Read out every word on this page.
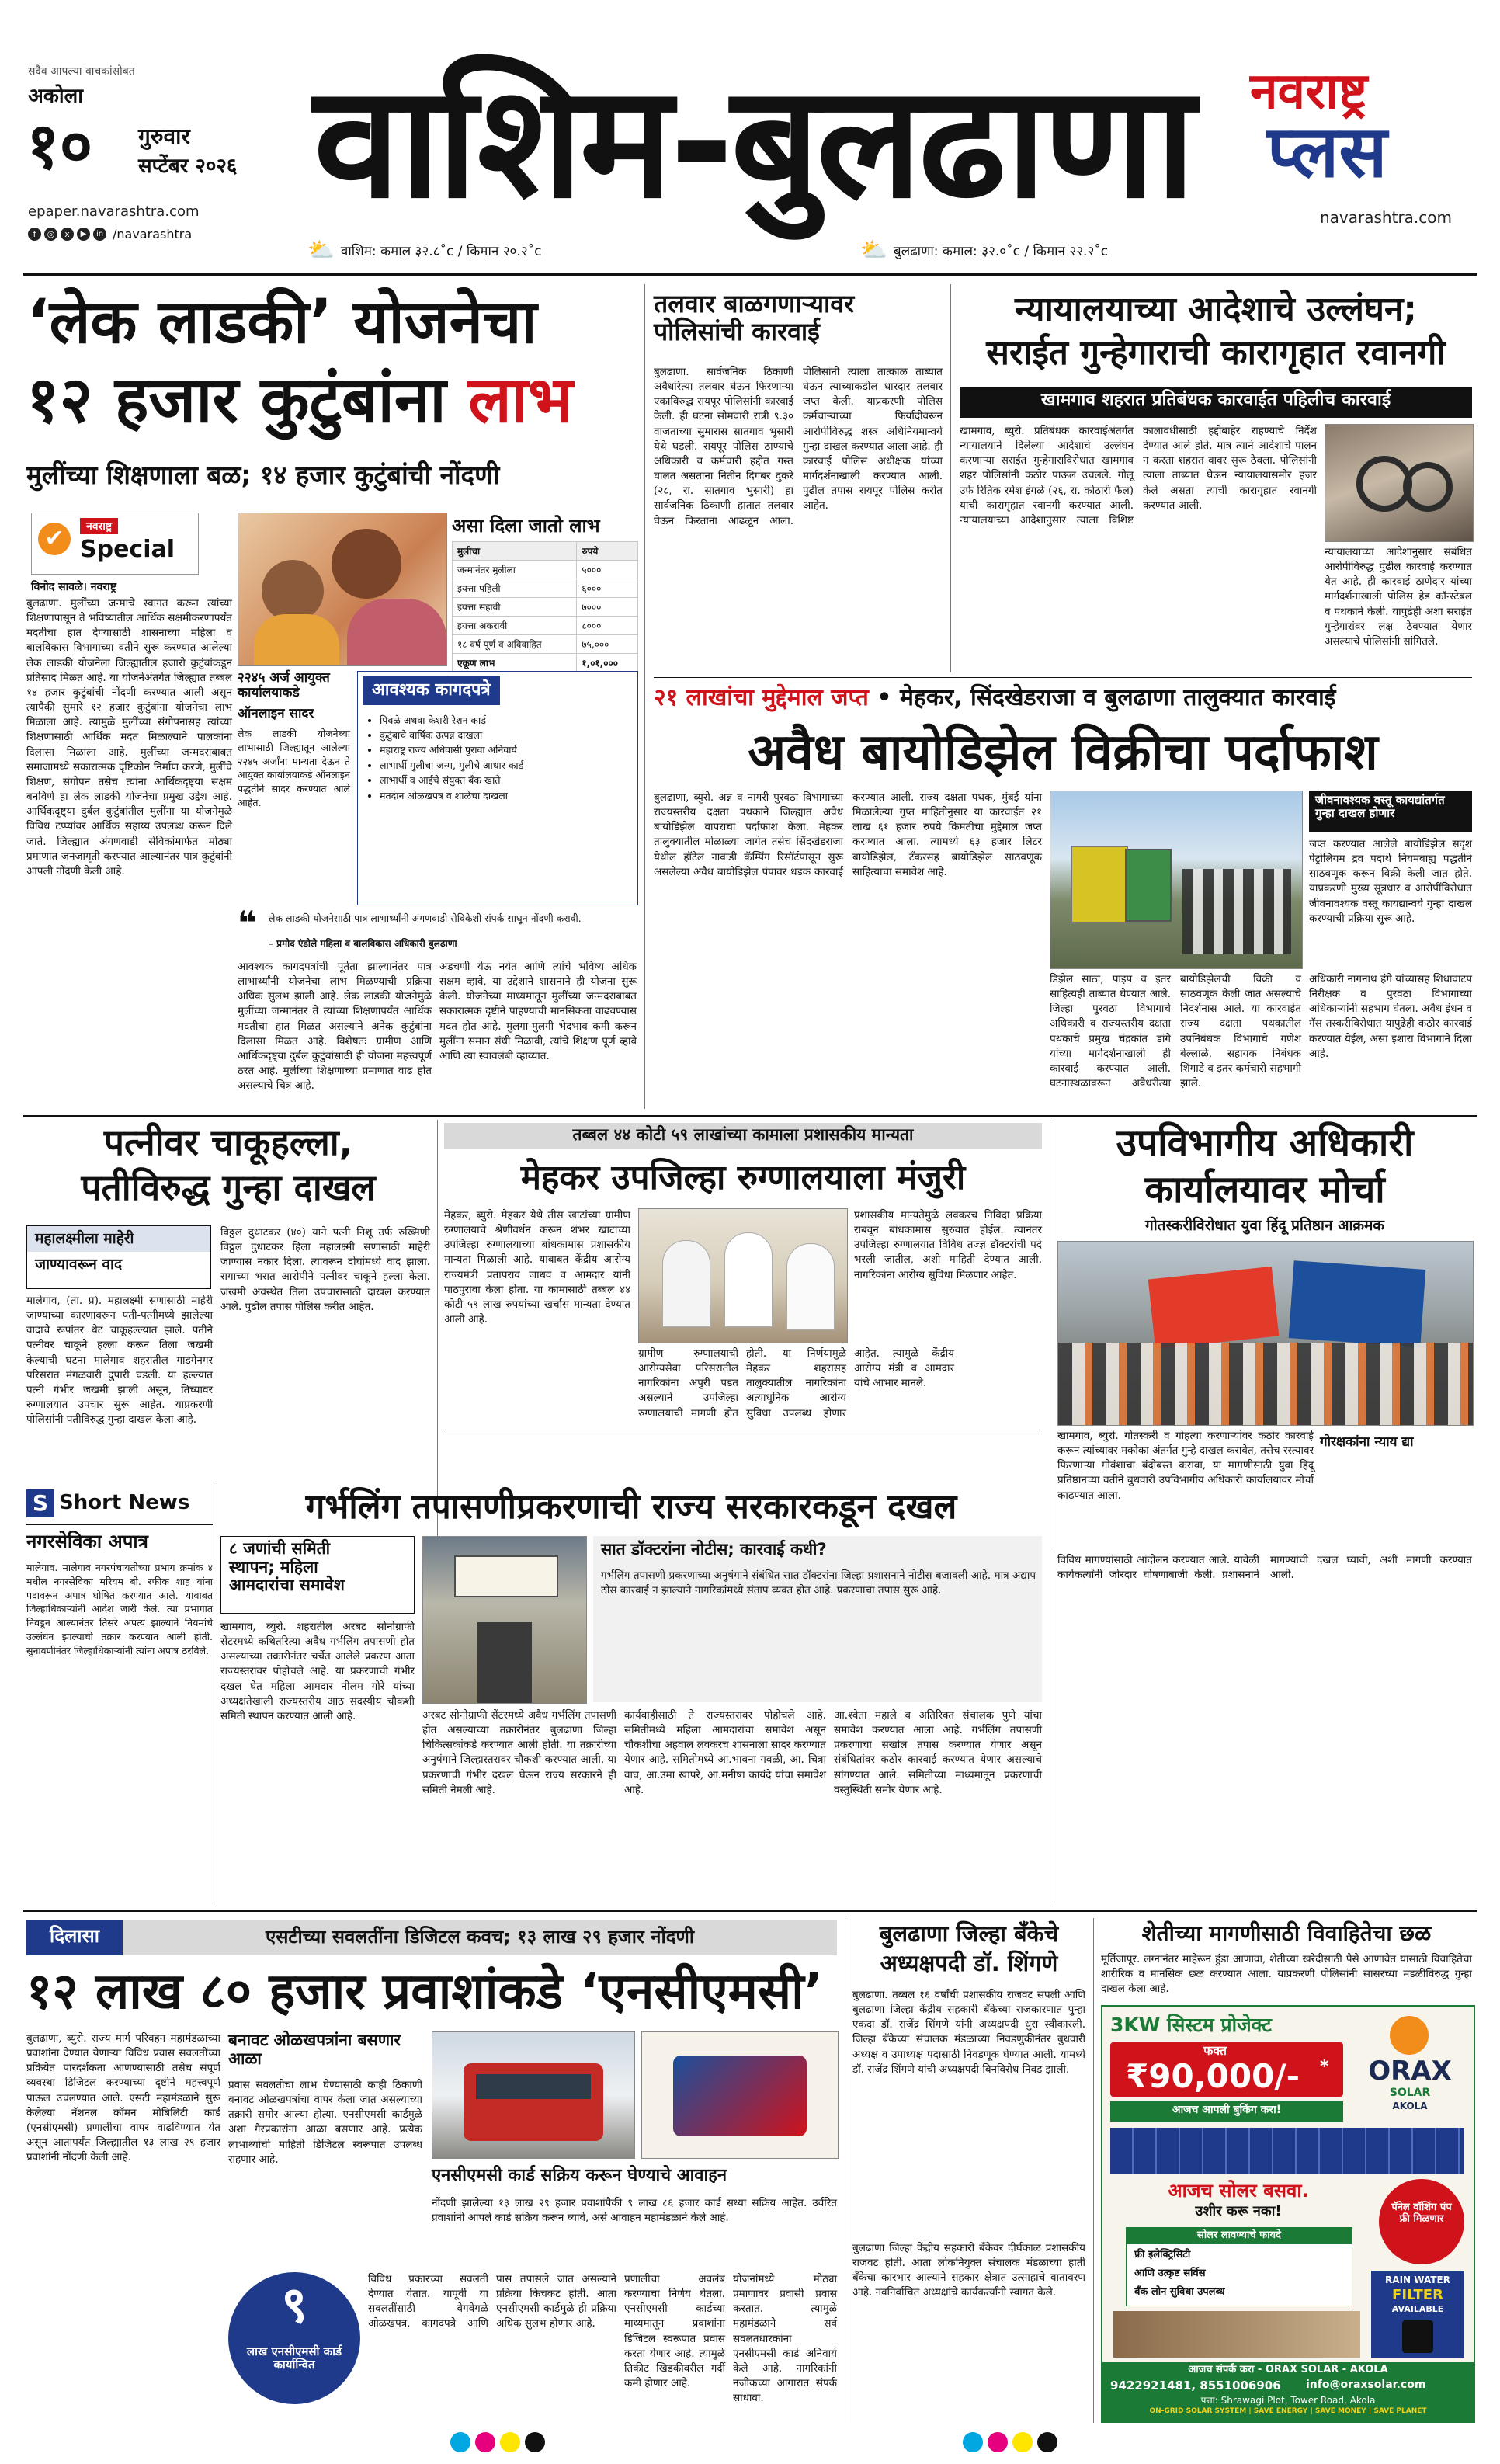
सदैव आपल्या वाचकांसोबत
अकोला
१० गुरुवार
सप्टेंबर २०२६
epaper.navarashtra.com
f	◎	x	▶	in /navarashtra
वाशिम-बुलढाणा	नवराष्ट्र
प्लस
navarashtra.com
⛅ वाशिम: कमाल ३२.८˚c / किमान २०.२˚c	⛅ बुलढाणा: कमाल: ३२.०˚c / किमान २२.२˚c
‘लेक लाडकी’ योजनेचा
१२ हजार कुटुंबांना लाभ
मुलींच्या शिक्षणाला बळ; १४ हजार कुटुंबांची नोंदणी
✔	नवराष्ट्र
Special
विनोद सावळे। नवराष्ट्र
बुलढाणा. मुलींच्या जन्माचे स्वागत करून त्यांच्या शिक्षणापासून ते भविष्यातील आर्थिक सक्षमीकरणापर्यंत मदतीचा हात देण्यासाठी शासनाच्या महिला व बालविकास विभागाच्या वतीने सुरू करण्यात आलेल्या लेक लाडकी योजनेला जिल्ह्यातील हजारो कुटुंबांकडून प्रतिसाद मिळत आहे. या योजनेअंतर्गत जिल्ह्यात तब्बल १४ हजार कुटुंबांची नोंदणी करण्यात आली असून त्यापैकी सुमारे १२ हजार कुटुंबांना योजनेचा लाभ मिळाला आहे. त्यामुळे मुलींच्या संगोपनासह त्यांच्या शिक्षणासाठी आर्थिक मदत मिळाल्याने पालकांना दिलासा मिळाला आहे. मुलींच्या जन्मदराबाबत समाजामध्ये सकारात्मक दृष्टिकोन निर्माण करणे, मुलींचे शिक्षण, संगोपन तसेच त्यांना आर्थिकदृष्ट्या सक्षम बनविणे हा लेक लाडकी योजनेचा प्रमुख उद्देश आहे. आर्थिकदृष्ट्या दुर्बल कुटुंबांतील मुलींना या योजनेमुळे विविध टप्प्यांवर आर्थिक सहाय्य उपलब्ध करून दिले जाते. जिल्ह्यात अंगणवाडी सेविकांमार्फत मोठ्या प्रमाणात जनजागृती करण्यात आल्यानंतर पात्र कुटुंबांनी आपली नोंदणी केली आहे.
असा दिला जातो लाभ
मुलीचा	रुपये
जन्मानंतर मुलीला	५०००
इयत्ता पहिली	६०००
इयत्ता सहावी	७०००
इयत्ता अकरावी	८०००
१८ वर्ष पूर्ण व अविवाहित	७५,०००
एकूण लाभ	१,०१,०००
२२४५ अर्ज आयुक्त कार्यालयाकडे
ऑनलाइन सादर
लेक लाडकी योजनेच्या लाभासाठी जिल्ह्यातून आलेल्या २२४५ अर्जांना मान्यता देऊन ते आयुक्त कार्यालयाकडे ऑनलाइन पद्धतीने सादर करण्यात आले आहेत.
आवश्यक कागदपत्रे
• पिवळे अथवा केशरी रेशन कार्ड
• कुटुंबाचे वार्षिक उत्पन्न दाखला
• महाराष्ट्र राज्य अधिवासी पुरावा अनिवार्य
• लाभार्थी मुलीचा जन्म, मुलीचे आधार कार्ड
• लाभार्थी व आईचे संयुक्त बँक खाते
• मतदान ओळखपत्र व शाळेचा दाखला
❝ लेक लाडकी योजनेसाठी पात्र लाभार्थ्यांनी अंगणवाडी सेविकेशी संपर्क साधून नोंदणी करावी.
– प्रमोद एंडोले महिला व बालविकास अधिकारी बुलढाणा
आवश्यक कागदपत्रांची पूर्तता झाल्यानंतर पात्र लाभार्थ्यांनी योजनेचा लाभ मिळण्याची प्रक्रिया अधिक सुलभ झाली आहे. लेक लाडकी योजनेमुळे मुलींच्या जन्मानंतर ते त्यांच्या शिक्षणापर्यंत आर्थिक मदतीचा हात मिळत असल्याने अनेक कुटुंबांना दिलासा मिळत आहे. विशेषतः ग्रामीण आणि आर्थिकदृष्ट्या दुर्बल कुटुंबांसाठी ही योजना महत्त्वपूर्ण ठरत आहे. मुलींच्या शिक्षणाच्या प्रमाणात वाढ होत असल्याचे चित्र आहे.
अडचणी येऊ नयेत आणि त्यांचे भविष्य अधिक सक्षम व्हावे, या उद्देशाने शासनाने ही योजना सुरू केली. योजनेच्या माध्यमातून मुलींच्या जन्मदराबाबत सकारात्मक दृष्टीने पाहण्याची मानसिकता वाढवण्यास मदत होत आहे. मुलगा-मुलगी भेदभाव कमी करून मुलींना समान संधी मिळावी, त्यांचे शिक्षण पूर्ण व्हावे आणि त्या स्वावलंबी व्हाव्यात.
तलवार बाळगणाऱ्यावर पोलिसांची कारवाई
बुलढाणा. सार्वजनिक ठिकाणी अवैधरित्या तलवार घेऊन फिरणाऱ्या एकाविरुद्ध रायपूर पोलिसांनी कारवाई केली. ही घटना सोमवारी रात्री ९.३० वाजताच्या सुमारास सातगाव भुसारी येथे घडली. रायपूर पोलिस ठाण्याचे अधिकारी व कर्मचारी हद्दीत गस्त घालत असताना नितीन दिगंबर दुकरे (२८, रा. सातगाव भुसारी) हा सार्वजनिक ठिकाणी हातात तलवार घेऊन फिरताना आढळून आला. पोलिसांनी त्याला तात्काळ ताब्यात घेऊन त्याच्याकडील धारदार तलवार जप्त केली. याप्रकरणी पोलिस कर्मचाऱ्याच्या फिर्यादीवरून आरोपीविरुद्ध शस्त्र अधिनियमान्वये गुन्हा दाखल करण्यात आला आहे. ही कारवाई पोलिस अधीक्षक यांच्या मार्गदर्शनाखाली करण्यात आली. पुढील तपास रायपूर पोलिस करीत आहेत.
न्यायालयाच्या आदेशाचे उल्लंघन;
सराईत गुन्हेगाराची कारागृहात रवानगी
खामगाव शहरात प्रतिबंधक कारवाईत पहिलीच कारवाई
खामगाव, ब्युरो. प्रतिबंधक कारवाईअंतर्गत न्यायालयाने दिलेल्या आदेशाचे उल्लंघन करणाऱ्या सराईत गुन्हेगाराविरोधात खामगाव शहर पोलिसांनी कठोर पाऊल उचलले. गोलू उर्फ रितिक रमेश इंगळे (२६, रा. कोठारी फैल) याची कारागृहात रवानगी करण्यात आली. न्यायालयाच्या आदेशानुसार त्याला विशिष्ट कालावधीसाठी हद्दीबाहेर राहण्याचे निर्देश देण्यात आले होते. मात्र त्याने आदेशाचे पालन न करता शहरात वावर सुरू ठेवला. पोलिसांनी त्याला ताब्यात घेऊन न्यायालयासमोर हजर केले असता त्याची कारागृहात रवानगी करण्यात आली.
न्यायालयाच्या आदेशानुसार संबंधित आरोपीविरुद्ध पुढील कारवाई करण्यात येत आहे. ही कारवाई ठाणेदार यांच्या मार्गदर्शनाखाली पोलिस हेड कॉन्स्टेबल व पथकाने केली. यापुढेही अशा सराईत गुन्हेगारांवर लक्ष ठेवण्यात येणार असल्याचे पोलिसांनी सांगितले.
२१ लाखांचा मुद्देमाल जप्त • मेहकर, सिंदखेडराजा व बुलढाणा तालुक्यात कारवाई
अवैध बायोडिझेल विक्रीचा पर्दाफाश
बुलढाणा, ब्युरो. अन्न व नागरी पुरवठा विभागाच्या राज्यस्तरीय दक्षता पथकाने जिल्ह्यात अवैध बायोडिझेल वापराचा पर्दाफाश केला. मेहकर तालुक्यातील मोळाळ्या जागेत तसेच सिंदखेडराजा येथील हॉटेल नावाडी कॅम्पिंग रिसॉर्टपासून सुरू असलेल्या अवैध बायोडिझेल पंपावर धडक कारवाई करण्यात आली. राज्य दक्षता पथक, मुंबई यांना मिळालेल्या गुप्त माहितीनुसार या कारवाईत २१ लाख ६१ हजार रुपये किमतीचा मुद्देमाल जप्त करण्यात आला. त्यामध्ये ६३ हजार लिटर बायोडिझेल, टँकरसह बायोडिझेल साठवणूक साहित्याचा समावेश आहे.
डिझेल साठा, पाइप व इतर साहित्यही ताब्यात घेण्यात आले. जिल्हा पुरवठा विभागाचे अधिकारी व राज्यस्तरीय दक्षता पथकाचे प्रमुख चंद्रकांत डांगे यांच्या मार्गदर्शनाखाली ही कारवाई करण्यात आली. घटनास्थळावरून अवैधरीत्या बायोडिझेलची विक्री व साठवणूक केली जात असल्याचे निदर्शनास आले. या कारवाईत राज्य दक्षता पथकातील उपनिबंधक विभागाचे गणेश बेल्लाळे, सहायक निबंधक शिंगाडे व इतर कर्मचारी सहभागी झाले.
जीवनावश्यक वस्तू कायद्यांतर्गत गुन्हा दाखल होणार
जप्त करण्यात आलेले बायोडिझेल सदृश पेट्रोलियम द्रव पदार्थ नियमबाह्य पद्धतीने साठवणूक करून विक्री केली जात होते. याप्रकरणी मुख्य सूत्रधार व आरोपींविरोधात जीवनावश्यक वस्तू कायद्यान्वये गुन्हा दाखल करण्याची प्रक्रिया सुरू आहे.
अधिकारी नागनाथ हंगे यांच्यासह शिधावाटप निरीक्षक व पुरवठा विभागाच्या अधिकाऱ्यांनी सहभाग घेतला. अवैध इंधन व गॅस तस्करीविरोधात यापुढेही कठोर कारवाई करण्यात येईल, असा इशारा विभागाने दिला आहे.
पत्नीवर चाकूहल्ला,
पतीविरुद्ध गुन्हा दाखल
महालक्ष्मीला माहेरी
जाण्यावरून वाद
मालेगाव, (ता. प्र). महालक्ष्मी सणासाठी माहेरी जाण्याच्या कारणावरून पती-पत्नीमध्ये झालेल्या वादाचे रूपांतर थेट चाकूहल्ल्यात झाले. पतीने पत्नीवर चाकूने हल्ला करून तिला जखमी केल्याची घटना मालेगाव शहरातील गाडगेनगर परिसरात मंगळवारी दुपारी घडली. या हल्ल्यात पत्नी गंभीर जखमी झाली असून, तिच्यावर रुग्णालयात उपचार सुरू आहेत. याप्रकरणी पोलिसांनी पतीविरुद्ध गुन्हा दाखल केला आहे.
विठ्ठल दुधाटकर (४०) याने पत्नी निशू उर्फ रुख्मिणी विठ्ठल दुधाटकर हिला महालक्ष्मी सणासाठी माहेरी जाण्यास नकार दिला. त्यावरून दोघांमध्ये वाद झाला. रागाच्या भरात आरोपीने पत्नीवर चाकूने हल्ला केला. जखमी अवस्थेत तिला उपचारासाठी दाखल करण्यात आले. पुढील तपास पोलिस करीत आहेत.
तब्बल ४४ कोटी ५९ लाखांच्या कामाला प्रशासकीय मान्यता
मेहकर उपजिल्हा रुग्णालयाला मंजुरी
मेहकर, ब्युरो. मेहकर येथे तीस खाटांच्या ग्रामीण रुग्णालयाचे श्रेणीवर्धन करून शंभर खाटांच्या उपजिल्हा रुग्णालयाच्या बांधकामास प्रशासकीय मान्यता मिळाली आहे. याबाबत केंद्रीय आरोग्य राज्यमंत्री प्रतापराव जाधव व आमदार यांनी पाठपुरावा केला होता. या कामासाठी तब्बल ४४ कोटी ५९ लाख रुपयांच्या खर्चास मान्यता देण्यात आली आहे.
ग्रामीण रुग्णालयाची आरोग्यसेवा परिसरातील नागरिकांना अपुरी पडत असल्याने उपजिल्हा रुग्णालयाची मागणी होत होती. या निर्णयामुळे मेहकर शहरासह तालुक्यातील नागरिकांना अत्याधुनिक आरोग्य सुविधा उपलब्ध होणार आहेत. त्यामुळे केंद्रीय आरोग्य मंत्री व आमदार यांचे आभार मानले.
प्रशासकीय मान्यतेमुळे लवकरच निविदा प्रक्रिया राबवून बांधकामास सुरुवात होईल. त्यानंतर उपजिल्हा रुग्णालयात विविध तज्ज्ञ डॉक्टरांची पदे भरली जातील, अशी माहिती देण्यात आली. नागरिकांना आरोग्य सुविधा मिळणार आहेत.
उपविभागीय अधिकारी
कार्यालयावर मोर्चा
गोतस्करीविरोधात युवा हिंदू प्रतिष्ठान आक्रमक
खामगाव, ब्युरो. गोतस्करी व गोहत्या करणाऱ्यांवर कठोर कारवाई करून त्यांच्यावर मकोका अंतर्गत गुन्हे दाखल करावेत, तसेच रस्त्यावर फिरणाऱ्या गोवंशाचा बंदोबस्त करावा, या मागणीसाठी युवा हिंदू प्रतिष्ठानच्या वतीने बुधवारी उपविभागीय अधिकारी कार्यालयावर मोर्चा काढण्यात आला.
गोरक्षकांना न्याय द्या
S Short News
नगरसेविका अपात्र
मालेगाव. मालेगाव नगरपंचायतीच्या प्रभाग क्रमांक ४ मधील नगरसेविका मरियम बी. रफीक शाह यांना पदावरून अपात्र घोषित करण्यात आले. याबाबत जिल्हाधिकाऱ्यांनी आदेश जारी केले. त्या प्रभागात निवडून आल्यानंतर तिसरे अपत्य झाल्याने नियमांचे उल्लंघन झाल्याची तक्रार करण्यात आली होती. सुनावणीनंतर जिल्हाधिकाऱ्यांनी त्यांना अपात्र ठरविले.
गर्भलिंग तपासणीप्रकरणाची राज्य सरकारकडून दखल
८ जणांची समिती
स्थापन; महिला
आमदारांचा समावेश
खामगाव, ब्युरो. शहरातील अरबट सोनोग्राफी सेंटरमध्ये कथितरित्या अवैध गर्भलिंग तपासणी होत असल्याच्या तक्रारीनंतर चर्चेत आलेले प्रकरण आता राज्यस्तरावर पोहोचले आहे. या प्रकरणाची गंभीर दखल घेत महिला आमदार नीलम गोरे यांच्या अध्यक्षतेखाली राज्यस्तरीय आठ सदस्यीय चौकशी समिती स्थापन करण्यात आली आहे.
सात डॉक्टरांना नोटीस; कारवाई कधी?
गर्भलिंग तपासणी प्रकरणाच्या अनुषंगाने संबंधित सात डॉक्टरांना जिल्हा प्रशासनाने नोटीस बजावली आहे. मात्र अद्याप ठोस कारवाई न झाल्याने नागरिकांमध्ये संताप व्यक्त होत आहे. प्रकरणाचा तपास सुरू आहे.
अरबट सोनोग्राफी सेंटरमध्ये अवैध गर्भलिंग तपासणी होत असल्याच्या तक्रारीनंतर बुलढाणा जिल्हा चिकित्सकांकडे करण्यात आली होती. या तक्रारीच्या अनुषंगाने जिल्हास्तरावर चौकशी करण्यात आली. या प्रकरणाची गंभीर दखल घेऊन राज्य सरकारने ही समिती नेमली आहे.
कार्यवाहीसाठी ते राज्यस्तरावर पोहोचले आहे. समितीमध्ये महिला आमदारांचा समावेश असून चौकशीचा अहवाल लवकरच शासनाला सादर करण्यात येणार आहे. समितीमध्ये आ.भावना गवळी, आ. चित्रा वाघ, आ.उमा खापरे, आ.मनीषा कायंदे यांचा समावेश आहे.
आ.श्वेता महाले व अतिरिक्त संचालक पुणे यांचा समावेश करण्यात आला आहे. गर्भलिंग तपासणी प्रकरणाचा सखोल तपास करण्यात येणार असून संबंधितांवर कठोर कारवाई करण्यात येणार असल्याचे सांगण्यात आले. समितीच्या माध्यमातून प्रकरणाची वस्तुस्थिती समोर येणार आहे.
विविध मागण्यांसाठी आंदोलन करण्यात आले. यावेळी कार्यकर्त्यांनी जोरदार घोषणाबाजी केली. प्रशासनाने मागण्यांची दखल घ्यावी, अशी मागणी करण्यात आली.
दिलासा	एसटीच्या सवलतींना डिजिटल कवच; १३ लाख २९ हजार नोंदणी
१२ लाख ८० हजार प्रवाशांकडे ‘एनसीएमसी’
बुलढाणा, ब्युरो. राज्य मार्ग परिवहन महामंडळाच्या प्रवाशांना देण्यात येणाऱ्या विविध प्रवास सवलतींच्या प्रक्रियेत पारदर्शकता आणण्यासाठी तसेच संपूर्ण व्यवस्था डिजिटल करण्याच्या दृष्टीने महत्त्वपूर्ण पाऊल उचलण्यात आले. एसटी महामंडळाने सुरू केलेल्या नॅशनल कॉमन मोबिलिटी कार्ड (एनसीएमसी) प्रणालीचा वापर वाढविण्यात येत असून आतापर्यंत जिल्ह्यातील १३ लाख २९ हजार प्रवाशांनी नोंदणी केली आहे.
बनावट ओळखपत्रांना बसणार आळा
प्रवास सवलतीचा लाभ घेण्यासाठी काही ठिकाणी बनावट ओळखपत्रांचा वापर केला जात असल्याच्या तक्रारी समोर आल्या होत्या. एनसीएमसी कार्डमुळे अशा गैरप्रकारांना आळा बसणार आहे. प्रत्येक लाभार्थ्याची माहिती डिजिटल स्वरूपात उपलब्ध राहणार आहे.
एनसीएमसी कार्ड सक्रिय करून घेण्याचे आवाहन
नोंदणी झालेल्या १३ लाख २९ हजार प्रवाशांपैकी ९ लाख ८६ हजार कार्ड सध्या सक्रिय आहेत. उर्वरित प्रवाशांनी आपले कार्ड सक्रिय करून घ्यावे, असे आवाहन महामंडळाने केले आहे.
९
लाख एनसीएमसी कार्ड कार्यान्वित
विविध प्रकारच्या सवलती देण्यात येतात. यापूर्वी या सवलतींसाठी वेगवेगळे ओळखपत्र, कागदपत्रे आणि पास तपासले जात असल्याने प्रक्रिया किचकट होती. आता एनसीएमसी कार्डमुळे ही प्रक्रिया अधिक सुलभ होणार आहे.
प्रणालीचा अवलंब करण्याचा निर्णय घेतला. एनसीएमसी कार्डच्या माध्यमातून प्रवाशांना डिजिटल स्वरूपात प्रवास करता येणार आहे. त्यामुळे तिकीट खिडकीवरील गर्दी कमी होणार आहे.
योजनांमध्ये मोठ्या प्रमाणावर प्रवासी प्रवास करतात. त्यामुळे महामंडळाने सर्व सवलतधारकांना एनसीएमसी कार्ड अनिवार्य केले आहे. नागरिकांनी नजीकच्या आगारात संपर्क साधावा.
बुलढाणा जिल्हा बँकेचे
अध्यक्षपदी डॉ. शिंगणे
बुलढाणा. तब्बल १६ वर्षांची प्रशासकीय राजवट संपली आणि बुलढाणा जिल्हा केंद्रीय सहकारी बँकेच्या राजकारणात पुन्हा एकदा डॉ. राजेंद्र शिंगणे यांनी अध्यक्षपदी धुरा स्वीकारली. जिल्हा बँकेच्या संचालक मंडळाच्या निवडणुकीनंतर बुधवारी अध्यक्ष व उपाध्यक्ष पदासाठी निवडणूक घेण्यात आली. यामध्ये डॉ. राजेंद्र शिंगणे यांची अध्यक्षपदी बिनविरोध निवड झाली.
बुलढाणा जिल्हा केंद्रीय सहकारी बँकेवर दीर्घकाळ प्रशासकीय राजवट होती. आता लोकनियुक्त संचालक मंडळाच्या हाती बँकेचा कारभार आल्याने सहकार क्षेत्रात उत्साहाचे वातावरण आहे. नवनिर्वाचित अध्यक्षांचे कार्यकर्त्यांनी स्वागत केले.
शेतीच्या मागणीसाठी विवाहितेचा छळ
मूर्तिजापूर. लग्नानंतर माहेरून हुंडा आणावा, शेतीच्या खरेदीसाठी पैसे आणावेत यासाठी विवाहितेचा शारीरिक व मानसिक छळ करण्यात आला. याप्रकरणी पोलिसांनी सासरच्या मंडळींविरुद्ध गुन्हा दाखल केला आहे.
3KW सिस्टम प्रोजेक्ट
फक्त
₹90,000/- *
आजच आपली बुकिंग करा!
ORAX
SOLAR
AKOLA
आजच सोलर बसवा.
उशीर करू नका!
सोलर लावण्याचे फायदे
फ्री इलेक्ट्रिसिटी
आणि उत्कृष्ट सर्विस
बँक लोन सुविधा उपलब्ध
पॅनेल वॉशिंग पंप फ्री मिळणार
RAIN WATER
FILTER
AVAILABLE
आजच संपर्क करा - ORAX SOLAR - AKOLA
9422921481, 8551006906	info@oraxsolar.com
पत्ता: Shrawagi Plot, Tower Road, Akola
ON-GRID SOLAR SYSTEM | SAVE ENERGY | SAVE MONEY | SAVE PLANET
